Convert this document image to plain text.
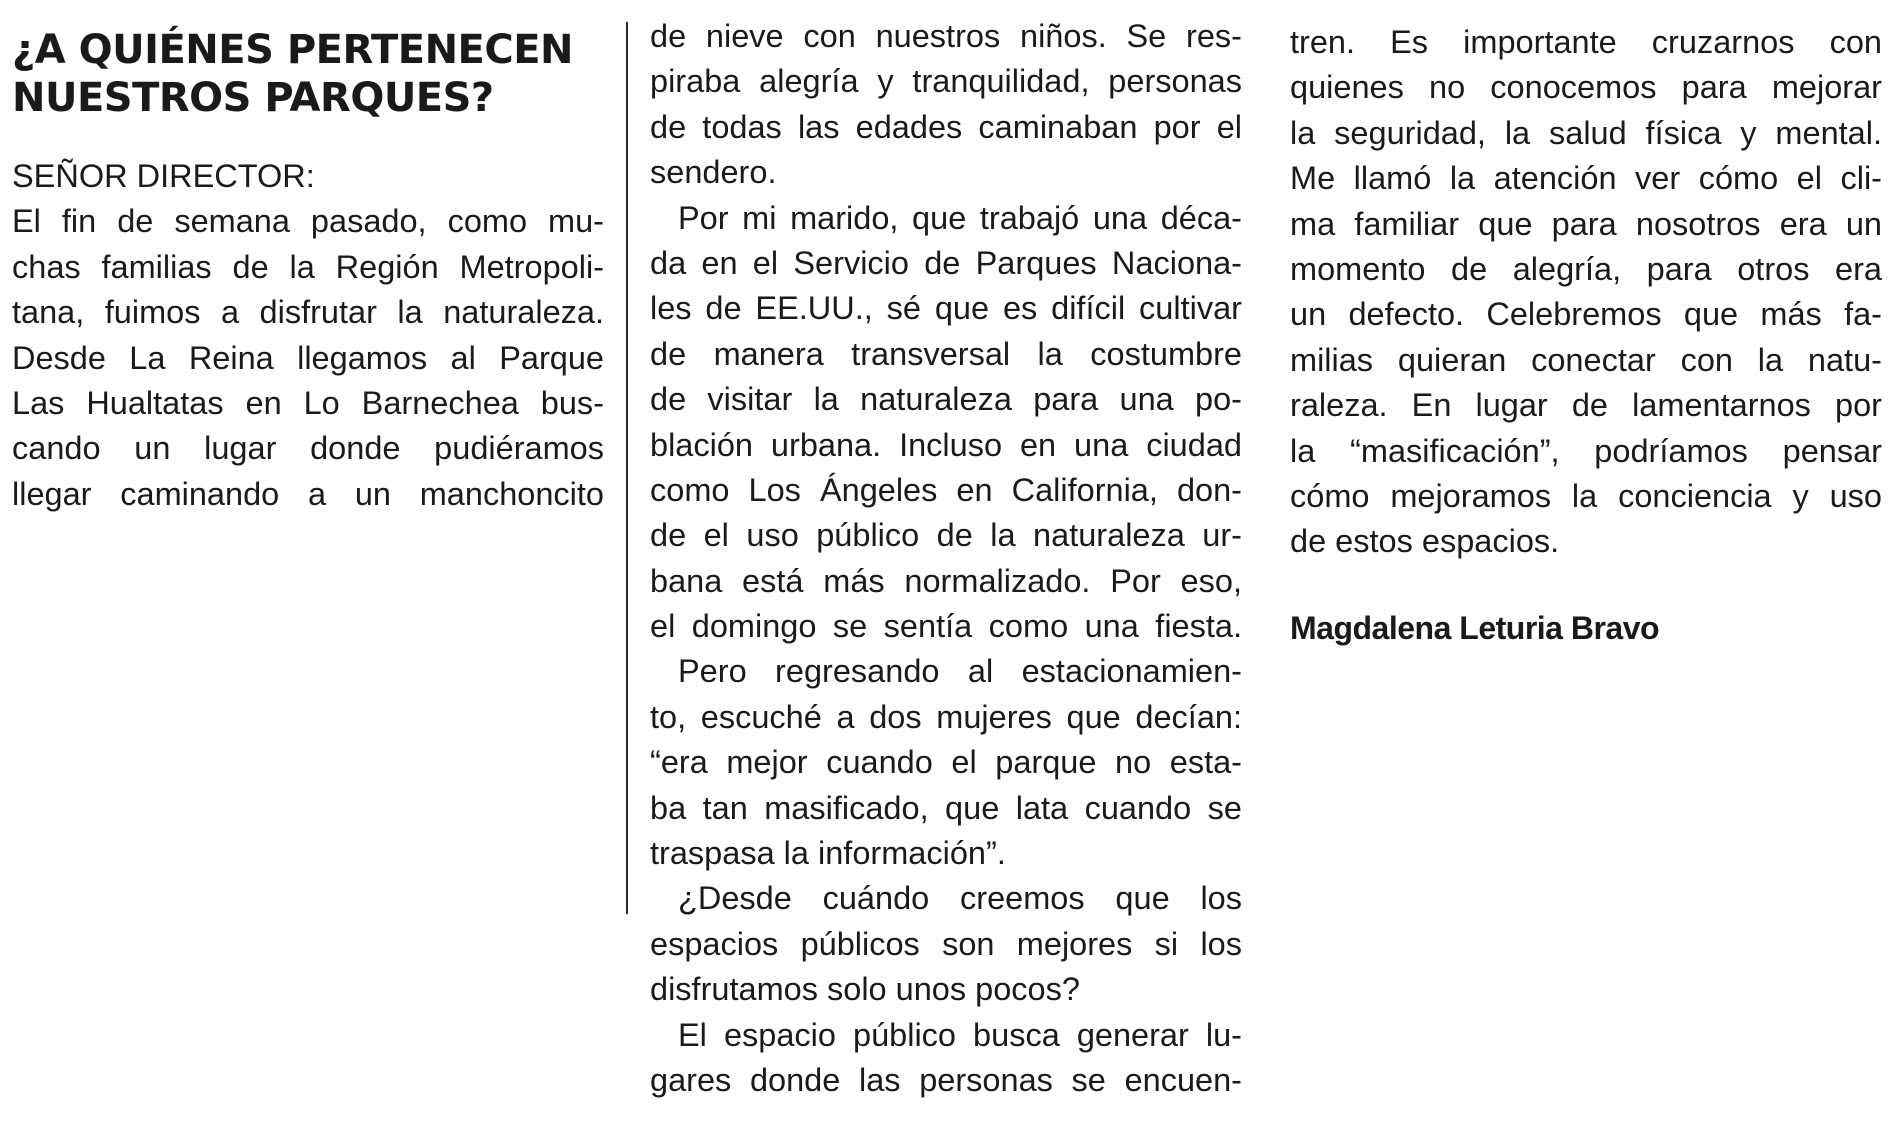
¿A QUIÉNES PERTENECEN
NUESTROS PARQUES?
SEÑOR DIRECTOR:
El fin de semana pasado, como mu-
chas familias de la Región Metropoli-
tana, fuimos a disfrutar la naturaleza.
Desde La Reina llegamos al Parque
Las Hualtatas en Lo Barnechea bus-
cando un lugar donde pudiéramos
llegar caminando a un manchoncito
de nieve con nuestros niños. Se res-
piraba alegría y tranquilidad, personas
de todas las edades caminaban por el
sendero.
Por mi marido, que trabajó una déca-
da en el Servicio de Parques Naciona-
les de EE.UU., sé que es difícil cultivar
de manera transversal la costumbre
de visitar la naturaleza para una po-
blación urbana. Incluso en una ciudad
como Los Ángeles en California, don-
de el uso público de la naturaleza ur-
bana está más normalizado. Por eso,
el domingo se sentía como una fiesta.
Pero regresando al estacionamien-
to, escuché a dos mujeres que decían:
“era mejor cuando el parque no esta-
ba tan masificado, que lata cuando se
traspasa la información”.
¿Desde cuándo creemos que los
espacios públicos son mejores si los
disfrutamos solo unos pocos?
El espacio público busca generar lu-
gares donde las personas se encuen-
tren. Es importante cruzarnos con
quienes no conocemos para mejorar
la seguridad, la salud física y mental.
Me llamó la atención ver cómo el cli-
ma familiar que para nosotros era un
momento de alegría, para otros era
un defecto. Celebremos que más fa-
milias quieran conectar con la natu-
raleza. En lugar de lamentarnos por
la “masificación”, podríamos pensar
cómo mejoramos la conciencia y uso
de estos espacios.
Magdalena Leturia Bravo
